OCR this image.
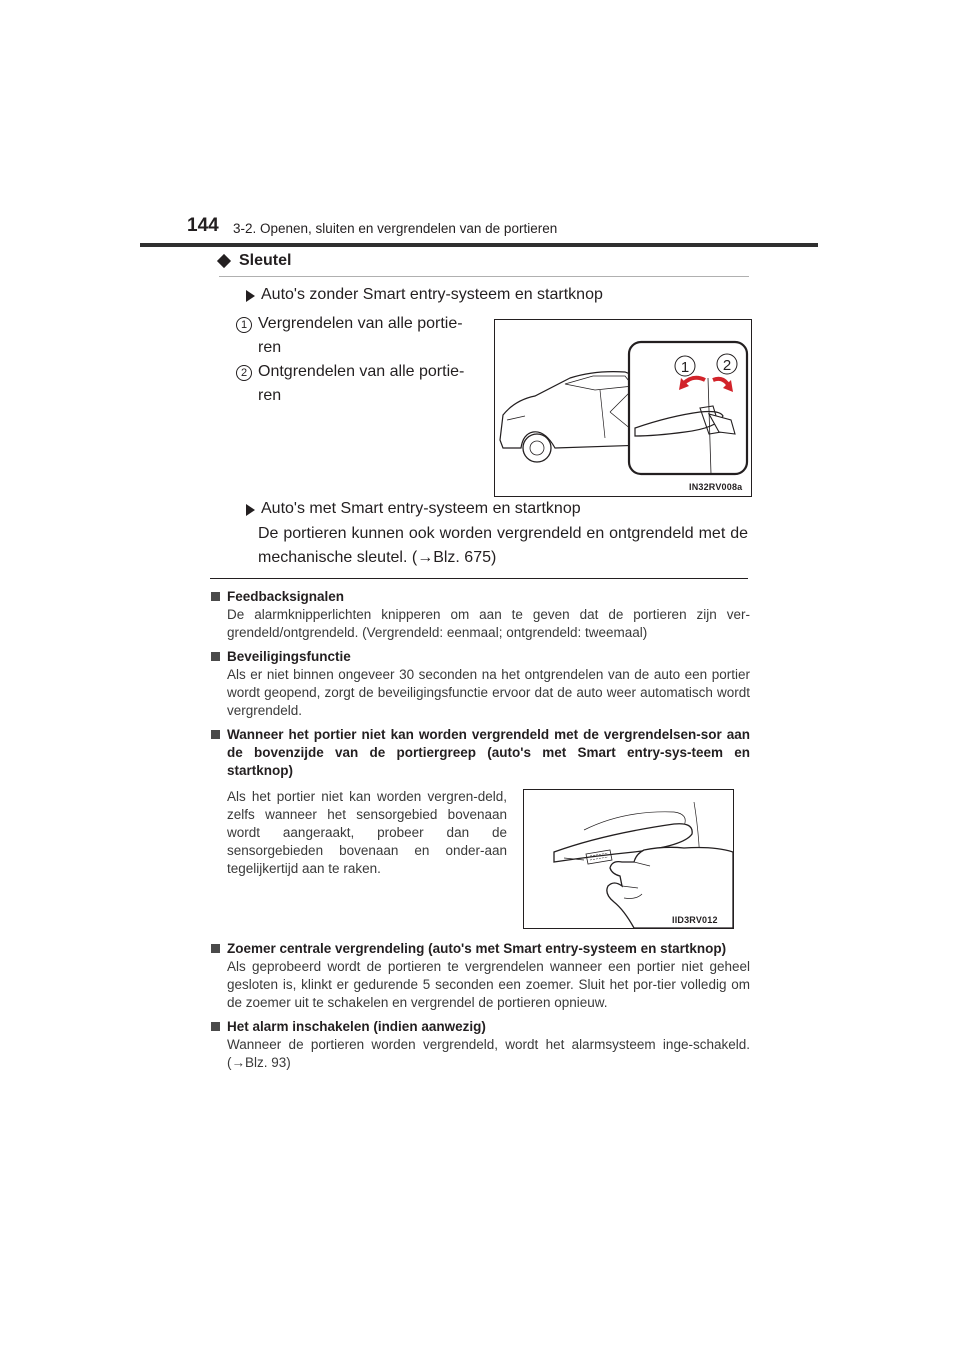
144 3-2. Openen, sluiten en vergrendelen van de portieren
Sleutel
Auto's zonder Smart entry-systeem en startknop
1 Vergrendelen van alle portie-ren
2 Ontgrendelen van alle portie-ren
1 2
IN32RV008a
Auto's met Smart entry-systeem en startknop
De portieren kunnen ook worden vergrendeld en ontgrendeld met de mechanische sleutel. (→Blz. 675)
Feedbacksignalen
De alarmknipperlichten knipperen om aan te geven dat de portieren zijn ver-grendeld/ontgrendeld. (Vergrendeld: eenmaal; ontgrendeld: tweemaal)
Beveiligingsfunctie
Als er niet binnen ongeveer 30 seconden na het ontgrendelen van de auto een portier wordt geopend, zorgt de beveiligingsfunctie ervoor dat de auto weer automatisch wordt vergrendeld.
Wanneer het portier niet kan worden vergrendeld met de vergrendelsen-sor aan de bovenzijde van de portiergreep (auto's met Smart entry-sys-teem en startknop)
Als het portier niet kan worden vergren-deld, zelfs wanneer het sensorgebied bovenaan wordt aangeraakt, probeer dan de sensorgebieden bovenaan en onder-aan tegelijkertijd aan te raken.
IID3RV012
Zoemer centrale vergrendeling (auto's met Smart entry-systeem en startknop)
Als geprobeerd wordt de portieren te vergrendelen wanneer een portier niet geheel gesloten is, klinkt er gedurende 5 seconden een zoemer. Sluit het por-tier volledig om de zoemer uit te schakelen en vergrendel de portieren opnieuw.
Het alarm inschakelen (indien aanwezig)
Wanneer de portieren worden vergrendeld, wordt het alarmsysteem inge-schakeld. (→Blz. 93)
